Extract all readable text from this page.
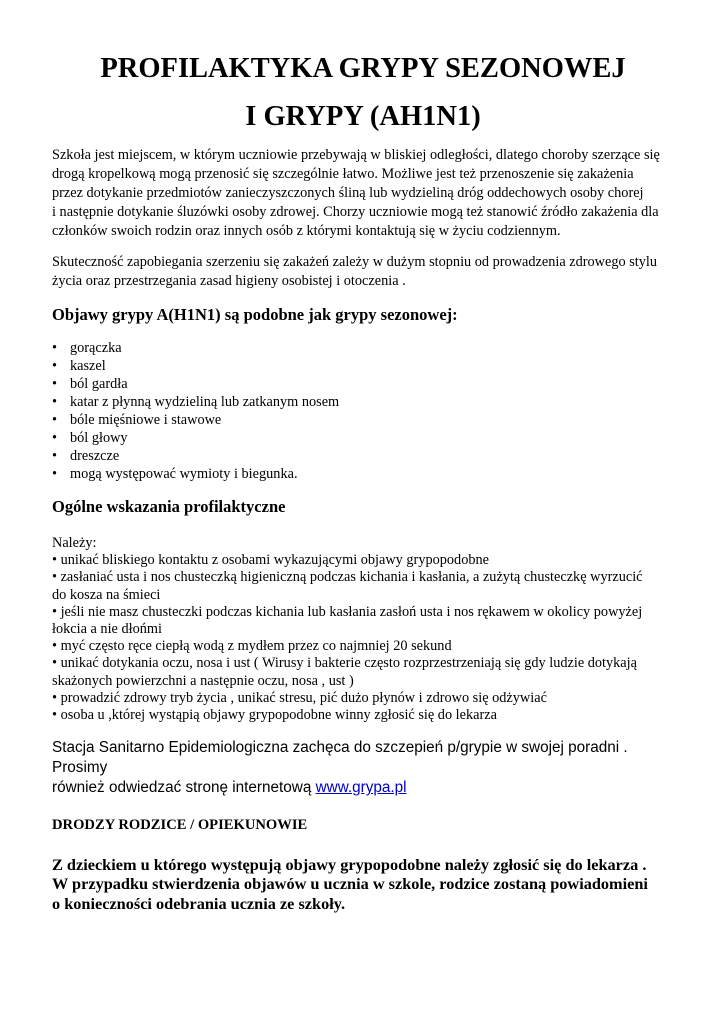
PROFILAKTYKA GRYPY SEZONOWEJ
I GRYPY (AH1N1)

Szkoła jest miejscem, w którym uczniowie przebywają w bliskiej odległości, dlatego choroby szerzące się
drogą kropelkową mogą przenosić się szczególnie łatwo. Możliwe jest też przenoszenie się zakażenia
przez dotykanie przedmiotów zanieczyszczonych śliną lub wydzieliną dróg oddechowych osoby chorej
i następnie dotykanie śluzówki osoby zdrowej. Chorzy uczniowie mogą też stanowić źródło zakażenia dla
członków swoich rodzin oraz innych osób z którymi kontaktują się w życiu codziennym.

Skuteczność zapobiegania szerzeniu się zakażeń zależy w dużym stopniu od prowadzenia zdrowego stylu
życia oraz przestrzegania zasad higieny osobistej i otoczenia .

Objawy grypy A(H1N1) są podobne jak grypy sezonowej:
• gorączka
• kaszel
• ból gardła
• katar z płynną wydzieliną lub zatkanym nosem
• bóle mięśniowe i stawowe
• ból głowy
• dreszcze
• mogą występować wymioty i biegunka.
Ogólne wskazania profilaktyczne
Należy:
• unikać bliskiego kontaktu z osobami wykazującymi objawy grypopodobne
• zasłaniać usta i nos chusteczką higieniczną podczas kichania i kasłania, a zużytą chusteczkę wyrzucić
do kosza na śmieci
• jeśli nie masz chusteczki podczas kichania lub kasłania zasłoń usta i nos rękawem w okolicy powyżej
łokcia a nie dłońmi
• myć często ręce ciepłą wodą z mydłem przez co najmniej 20 sekund
• unikać dotykania oczu, nosa i ust ( Wirusy i bakterie często rozprzestrzeniają się gdy ludzie dotykają
skażonych powierzchni a następnie oczu, nosa , ust )
• prowadzić zdrowy tryb życia , unikać stresu, pić dużo płynów i zdrowo się odżywiać
• osoba u ,której wystąpią objawy grypopodobne winny zgłosić się do lekarza

Stacja Sanitarno Epidemiologiczna zachęca do szczepień p/grypie w swojej poradni . Prosimy
również odwiedzać stronę internetową www.grypa.pl

DRODZY RODZICE / OPIEKUNOWIE

Z dzieckiem u którego występują objawy grypopodobne należy zgłosić się do lekarza .
W przypadku stwierdzenia objawów u ucznia w szkole, rodzice zostaną powiadomieni
o konieczności odebrania ucznia ze szkoły.
